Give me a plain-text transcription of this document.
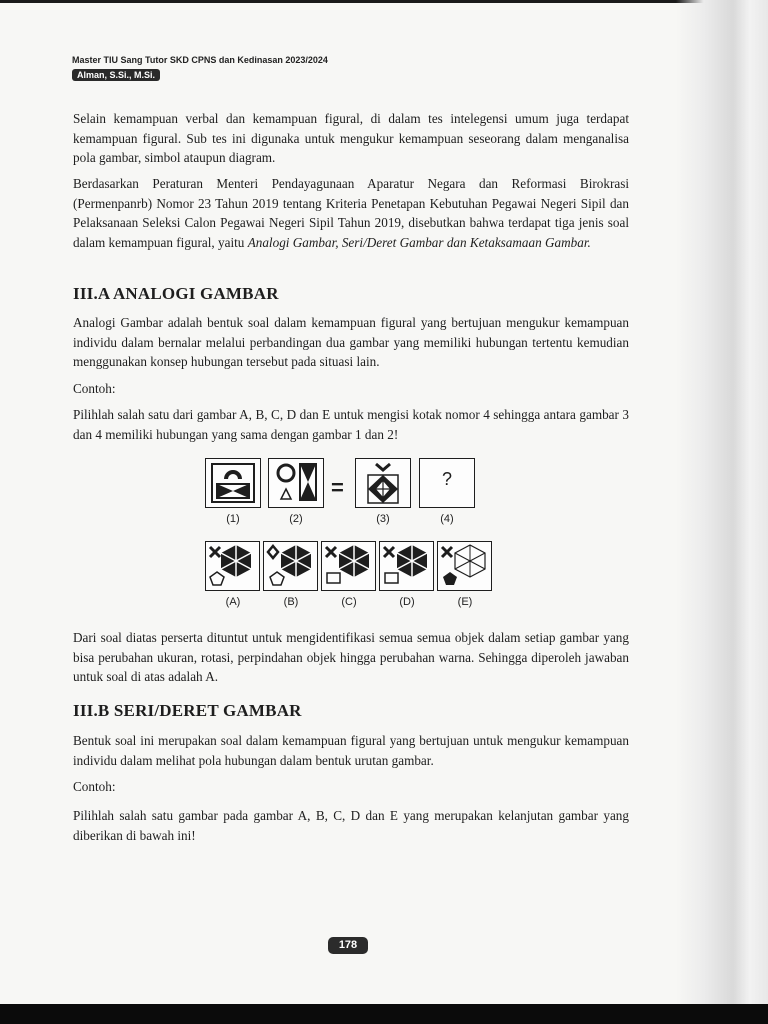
Master TIU Sang Tutor SKD CPNS dan Kedinasan 2023/2024
Alman, S.Si., M.Si.

Selain kemampuan verbal dan kemampuan figural, di dalam tes intelegensi umum juga terdapat kemampuan figural. Sub tes ini digunaka untuk mengukur kemampuan seseorang dalam menganalisa pola gambar, simbol ataupun diagram.

Berdasarkan Peraturan Menteri Pendayagunaan Aparatur Negara dan Reformasi Birokrasi (Permenpanrb) Nomor 23 Tahun 2019 tentang Kriteria Penetapan Kebutuhan Pegawai Negeri Sipil dan Pelaksanaan Seleksi Calon Pegawai Negeri Sipil Tahun 2019, disebutkan bahwa terdapat tiga jenis soal dalam kemampuan figural, yaitu Analogi Gambar, Seri/Deret Gambar dan Ketaksamaan Gambar.

III.A ANALOGI GAMBAR

Analogi Gambar adalah bentuk soal dalam kemampuan figural yang bertujuan mengukur kemampuan individu dalam bernalar melalui perbandingan dua gambar yang memiliki hubungan tertentu kemudian menggunakan konsep hubungan tersebut pada situasi lain.

Contoh:

Pilihlah salah satu dari gambar A, B, C, D dan E untuk mengisi kotak nomor 4 sehingga antara gambar 3 dan 4 memiliki hubungan yang sama dengan gambar 1 dan 2!

=	?
(1)	(2)	(3)	(4)
(A)	(B)	(C)	(D)	(E)

Dari soal diatas perserta dituntut untuk mengidentifikasi semua semua objek dalam setiap gambar yang bisa perubahan ukuran, rotasi, perpindahan objek hingga perubahan warna. Sehingga diperoleh jawaban untuk soal di atas adalah A.

III.B SERI/DERET GAMBAR

Bentuk soal ini merupakan soal dalam kemampuan figural yang bertujuan untuk mengukur kemampuan individu dalam melihat pola hubungan dalam bentuk urutan gambar.

Contoh:

Pilihlah salah satu gambar pada gambar A, B, C, D dan E yang merupakan kelanjutan gambar yang diberikan di bawah ini!

178
